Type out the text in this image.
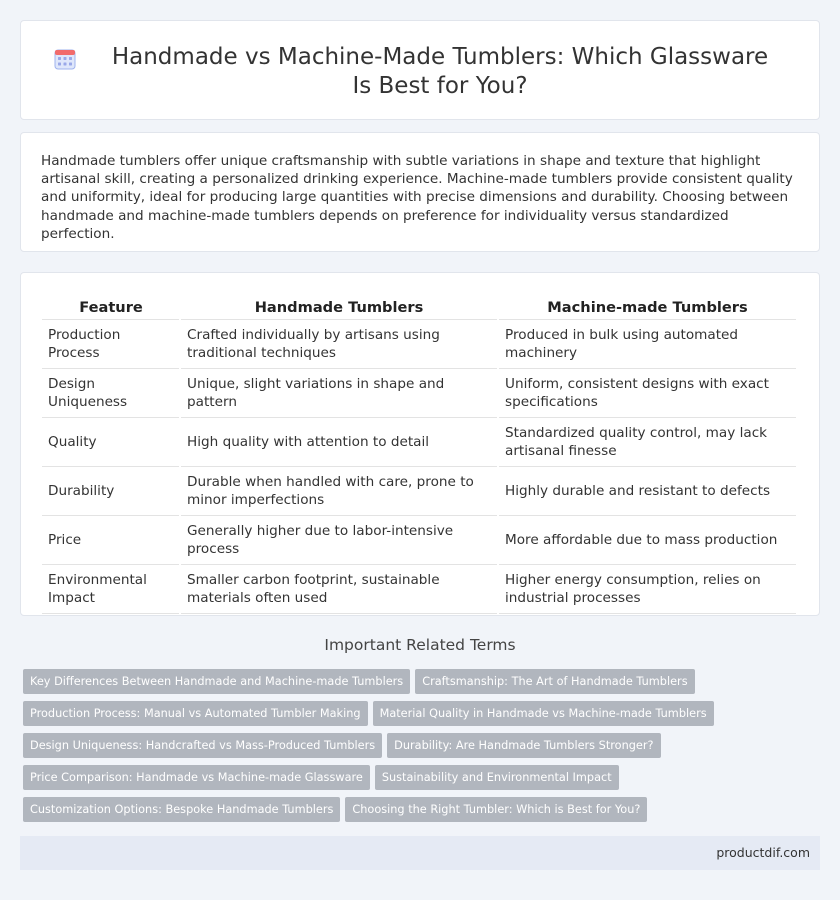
Handmade vs Machine-Made Tumblers: Which Glassware Is Best for You?

Handmade tumblers offer unique craftsmanship with subtle variations in shape and texture that highlight artisanal skill, creating a personalized drinking experience. Machine-made tumblers provide consistent quality and uniformity, ideal for producing large quantities with precise dimensions and durability. Choosing between handmade and machine-made tumblers depends on preference for individuality versus standardized perfection.

Feature	Handmade Tumblers	Machine-made Tumblers
Production Process	Crafted individually by artisans using traditional techniques	Produced in bulk using automated machinery
Design Uniqueness	Unique, slight variations in shape and pattern	Uniform, consistent designs with exact specifications
Quality	High quality with attention to detail	Standardized quality control, may lack artisanal finesse
Durability	Durable when handled with care, prone to minor imperfections	Highly durable and resistant to defects
Price	Generally higher due to labor-intensive process	More affordable due to mass production
Environmental Impact	Smaller carbon footprint, sustainable materials often used	Higher energy consumption, relies on industrial processes
Important Related Terms
Key Differences Between Handmade and Machine-made Tumblers Craftsmanship: The Art of Handmade Tumblers
Production Process: Manual vs Automated Tumbler Making Material Quality in Handmade vs Machine-made Tumblers
Design Uniqueness: Handcrafted vs Mass-Produced Tumblers Durability: Are Handmade Tumblers Stronger?
Price Comparison: Handmade vs Machine-made Glassware Sustainability and Environmental Impact
Customization Options: Bespoke Handmade Tumblers Choosing the Right Tumbler: Which is Best for You?
productdif.com
